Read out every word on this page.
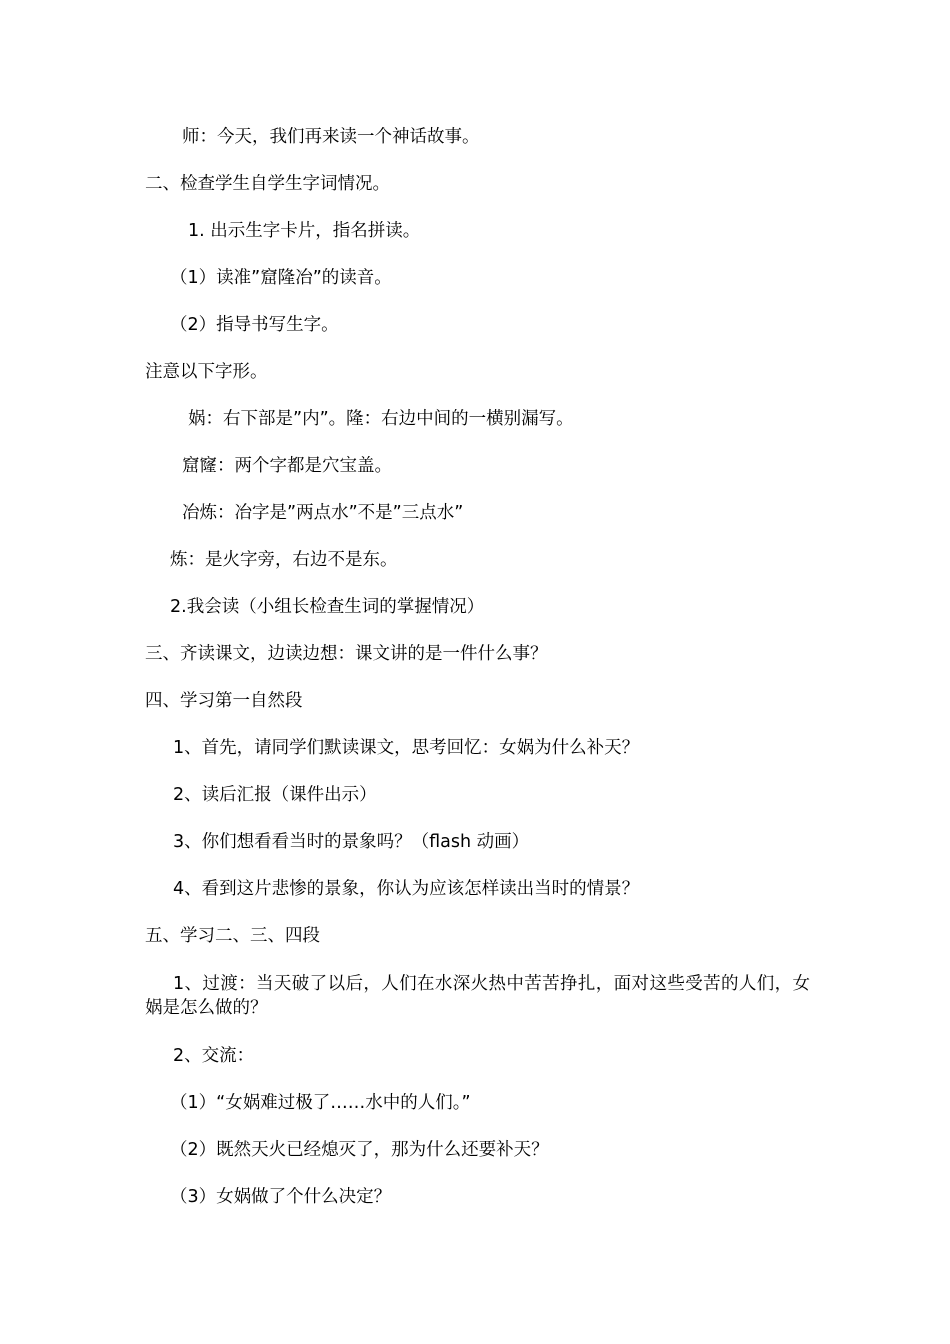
师：今天，我们再来读一个神话故事。
二、检查学生自学生字词情况。
1. 出示生字卡片，指名拼读。
（1）读准”窟隆冶”的读音。
（2）指导书写生字。
注意以下字形。
娲：右下部是”内”。隆：右边中间的一横别漏写。
窟窿：两个字都是穴宝盖。
冶炼：冶字是”两点水”不是”三点水”
炼：是火字旁，右边不是东。
2.我会读（小组长检查生词的掌握情况）
三、齐读课文，边读边想：课文讲的是一件什么事？
四、学习第一自然段
1、首先，请同学们默读课文，思考回忆：女娲为什么补天？
2、读后汇报（课件出示）
3、你们想看看当时的景象吗？（flash 动画）
4、看到这片悲惨的景象，你认为应该怎样读出当时的情景？
五、学习二、三、四段
1、过渡：当天破了以后，人们在水深火热中苦苦挣扎，面对这些受苦的人们，女娲是怎么做的？
2、交流：
（1）“女娲难过极了……水中的人们。”
（2）既然天火已经熄灭了，那为什么还要补天？
（3）女娲做了个什么决定？
